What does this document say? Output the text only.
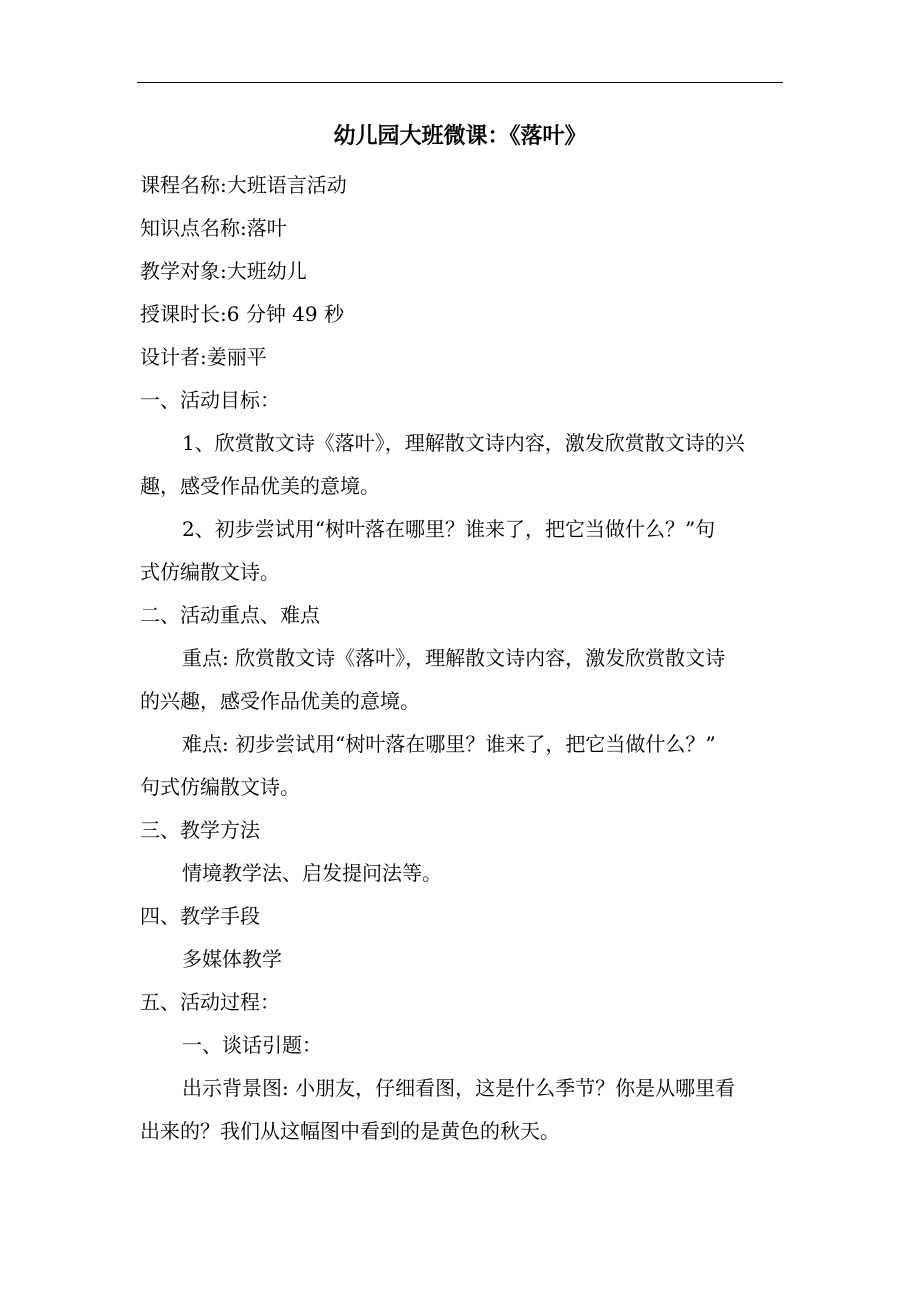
幼儿园大班微课：《落叶》

课程名称:大班语言活动

知识点名称:落叶

教学对象:大班幼儿

授课时长:6 分钟 49 秒

设计者:姜丽平

一、活动目标：

1、欣赏散文诗《落叶》，理解散文诗内容，激发欣赏散文诗的兴

趣，感受作品优美的意境。

2、初步尝试用“树叶落在哪里？谁来了，把它当做什么？”句

式仿编散文诗。

二、活动重点、难点

重点: 欣赏散文诗《落叶》，理解散文诗内容，激发欣赏散文诗

的兴趣，感受作品优美的意境。

难点: 初步尝试用“树叶落在哪里？谁来了，把它当做什么？”

句式仿编散文诗。

三、教学方法

情境教学法、启发提问法等。

四、教学手段

多媒体教学

五、活动过程：

一、谈话引题：

出示背景图: 小朋友，仔细看图，这是什么季节？你是从哪里看

出来的？我们从这幅图中看到的是黄色的秋天。
